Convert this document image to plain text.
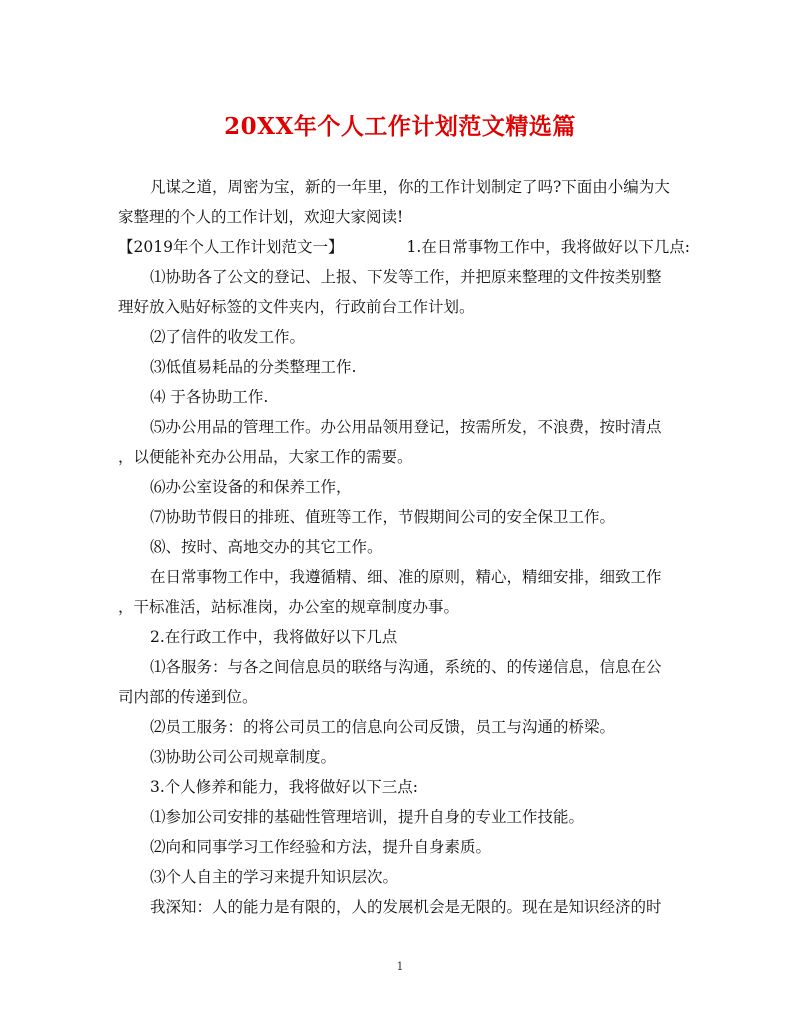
20XX年个人工作计划范文精选篇

凡谋之道，周密为宝，新的一年里，你的工作计划制定了吗?下面由小编为大

家整理的个人的工作计划，欢迎大家阅读!

【2019年个人工作计划范文一】	1.在日常事物工作中，我将做好以下几点:

⑴协助各了公文的登记、上报、下发等工作，并把原来整理的文件按类别整

理好放入贴好标签的文件夹内，行政前台工作计划。

⑵了信件的收发工作。

⑶低值易耗品的分类整理工作.

⑷ 于各协助工作.

⑸办公用品的管理工作。办公用品领用登记，按需所发，不浪费，按时清点

，以便能补充办公用品，大家工作的需要。

⑹办公室设备的和保养工作，

⑺协助节假日的排班、值班等工作，节假期间公司的安全保卫工作。

⑻、按时、高地交办的其它工作。

在日常事物工作中，我遵循精、细、准的原则，精心，精细安排，细致工作

，干标准活，站标准岗，办公室的规章制度办事。

2.在行政工作中，我将做好以下几点

⑴各服务：与各之间信息员的联络与沟通，系统的、的传递信息，信息在公

司内部的传递到位。

⑵员工服务：的将公司员工的信息向公司反馈，员工与沟通的桥梁。

⑶协助公司公司规章制度。

3.个人修养和能力，我将做好以下三点:

⑴参加公司安排的基础性管理培训，提升自身的专业工作技能。

⑵向和同事学习工作经验和方法，提升自身素质。

⑶个人自主的学习来提升知识层次。

我深知：人的能力是有限的，人的发展机会是无限的。现在是知识经济的时

1
